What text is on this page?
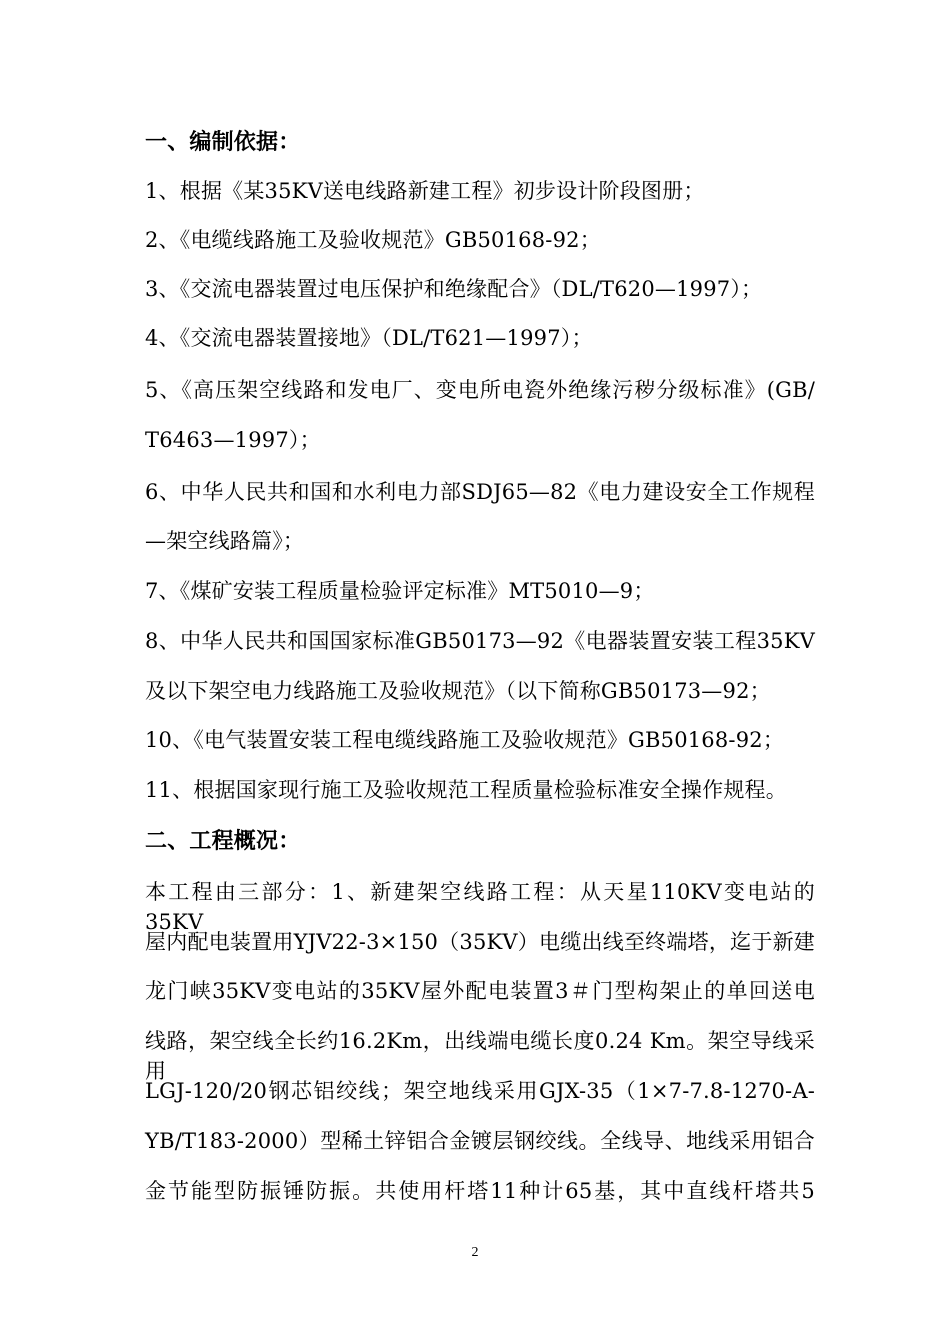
一、编制依据：
1、根据《某35KV送电线路新建工程》初步设计阶段图册；
2、《电缆线路施工及验收规范》GB50168-92；
3、《交流电器装置过电压保护和绝缘配合》（DL/T620—1997）；
4、《交流电器装置接地》（DL/T621—1997）；
5、《高压架空线路和发电厂、变电所电瓷外绝缘污秽分级标准》(GB/
T6463—1997）；
6、中华人民共和国和水利电力部SDJ65—82《电力建设安全工作规程
—架空线路篇》；
7、《煤矿安装工程质量检验评定标准》MT5010—9；
8、中华人民共和国国家标准GB50173—92《电器装置安装工程35KV
及以下架空电力线路施工及验收规范》（以下简称GB50173—92；
10、《电气装置安装工程电缆线路施工及验收规范》GB50168-92；
11、根据国家现行施工及验收规范工程质量检验标准安全操作规程。
二、工程概况：
本工程由三部分：1、新建架空线路工程：从天星110KV变电站的35KV
屋内配电装置用YJV22-3×150（35KV）电缆出线至终端塔，迄于新建
龙门峡35KV变电站的35KV屋外配电装置3＃门型构架止的单回送电
线路，架空线全长约16.2Km，出线端电缆长度0.24 Km。架空导线采用
LGJ-120/20钢芯铝绞线；架空地线采用GJX-35（1×7-7.8-1270-A-
YB/T183-2000）型稀土锌铝合金镀层钢绞线。全线导、地线采用铝合
金节能型防振锤防振。共使用杆塔11种计65基，其中直线杆塔共5
2
